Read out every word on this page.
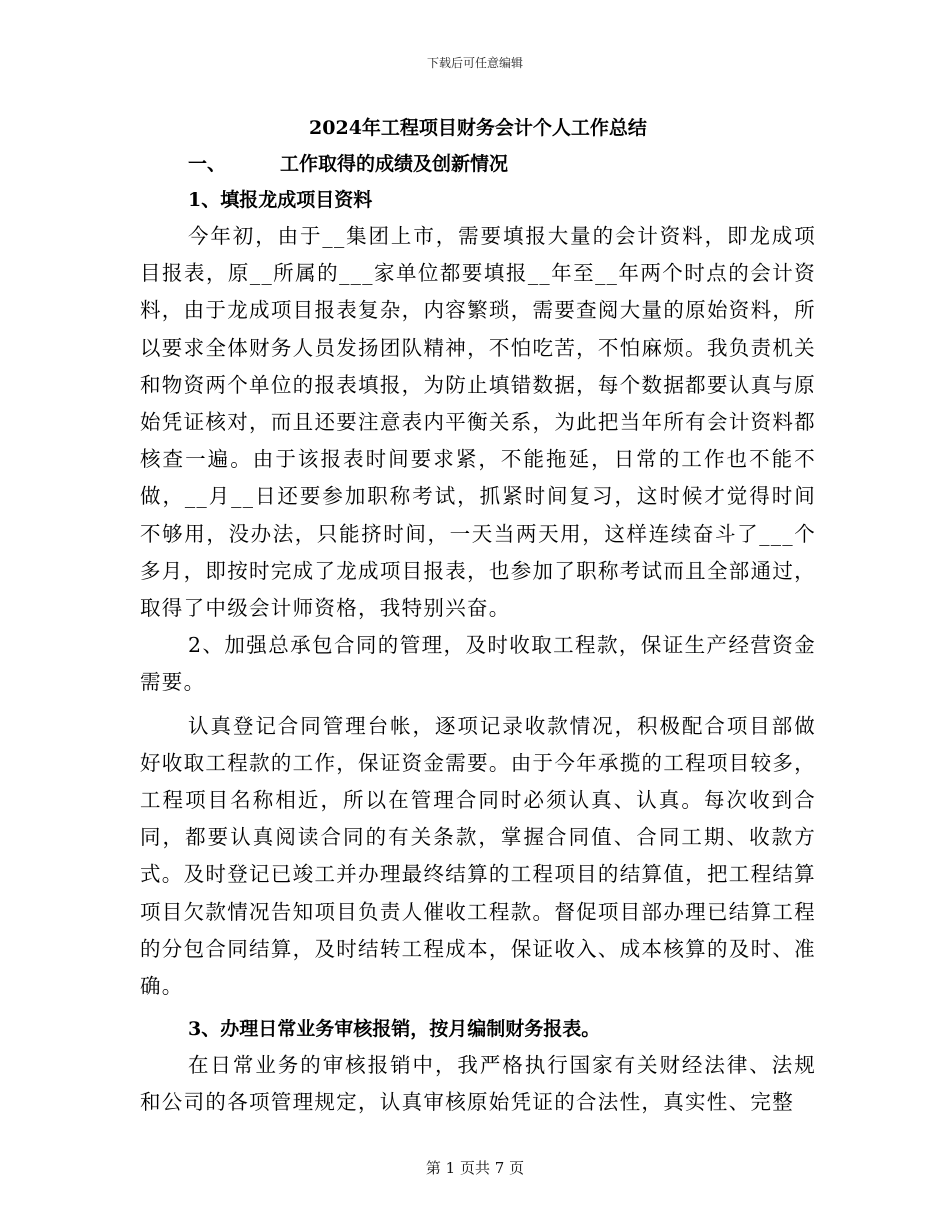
下载后可任意编辑

2024年工程项目财务会计个人工作总结

一、	工作取得的成绩及创新情况

1、填报龙成项目资料

今年初，由于__集团上市，需要填报大量的会计资料，即龙成项目报表，原__所属的___家单位都要填报__年至__年两个时点的会计资料，由于龙成项目报表复杂，内容繁琐，需要查阅大量的原始资料，所以要求全体财务人员发扬团队精神，不怕吃苦，不怕麻烦。我负责机关和物资两个单位的报表填报，为防止填错数据，每个数据都要认真与原始凭证核对，而且还要注意表内平衡关系，为此把当年所有会计资料都核查一遍。由于该报表时间要求紧，不能拖延，日常的工作也不能不做，__月__日还要参加职称考试，抓紧时间复习，这时候才觉得时间不够用，没办法，只能挤时间，一天当两天用，这样连续奋斗了___个多月，即按时完成了龙成项目报表，也参加了职称考试而且全部通过，取得了中级会计师资格，我特别兴奋。

2、加强总承包合同的管理，及时收取工程款，保证生产经营资金需要。

认真登记合同管理台帐，逐项记录收款情况，积极配合项目部做好收取工程款的工作，保证资金需要。由于今年承揽的工程项目较多，工程项目名称相近，所以在管理合同时必须认真、认真。每次收到合同，都要认真阅读合同的有关条款，掌握合同值、合同工期、收款方式。及时登记已竣工并办理最终结算的工程项目的结算值，把工程结算项目欠款情况告知项目负责人催收工程款。督促项目部办理已结算工程的分包合同结算，及时结转工程成本，保证收入、成本核算的及时、准确。

3、办理日常业务审核报销，按月编制财务报表。

在日常业务的审核报销中，我严格执行国家有关财经法律、法规和公司的各项管理规定，认真审核原始凭证的合法性，真实性、完整

第 1 页共 7 页
